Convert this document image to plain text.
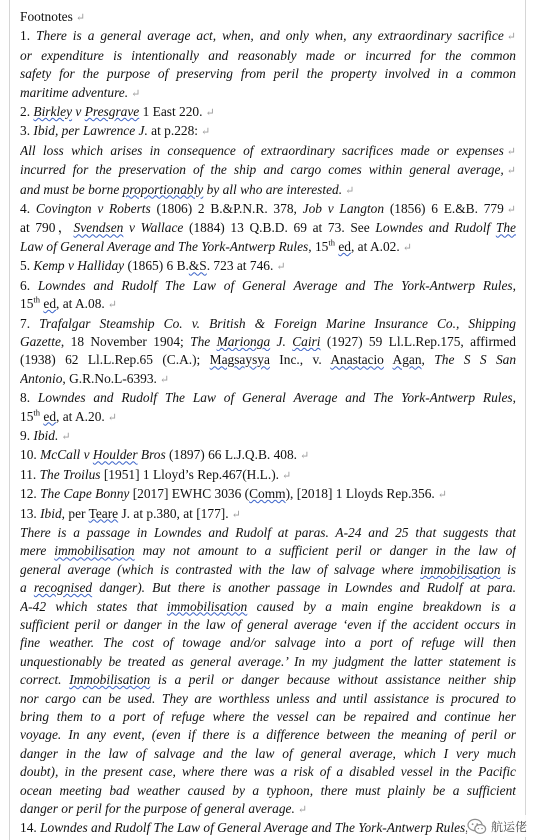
Footnotes ↵
1. There is a general average act, when, and only when, any extraordinary sacrifice ↵
or expenditure is intentionally and reasonably made or incurred for the common
safety for the purpose of preserving from peril the property involved in a common
maritime adventure. ↵
2. Birkley v Presgrave 1 East 220. ↵
3. Ibid, per Lawrence J. at p.228: ↵
All loss which arises in consequence of extraordinary sacrifices made or expenses ↵
incurred for the preservation of the ship and cargo comes within general average, ↵
and must be borne proportionably by all who are interested. ↵
4. Covington v Roberts (1806) 2 B.&P.N.R. 378, Job v Langton (1856) 6 E.&B. 779 ↵
at 790，Svendsen v Wallace (1884) 13 Q.B.D. 69 at 73. See Lowndes and Rudolf The
Law of General Average and The York-Antwerp Rules, 15th ed, at A.02. ↵
5. Kemp v Halliday (1865) 6 B.&S. 723 at 746. ↵
6. Lowndes and Rudolf The Law of General Average and The York-Antwerp Rules,
15th ed, at A.08. ↵
7. Trafalgar Steamship Co. v. British & Foreign Marine Insurance Co., Shipping
Gazette, 18 November 1904; The Marionga J. Cairi (1927) 59 Ll.L.Rep.175, affirmed
(1938) 62 Ll.L.Rep.65 (C.A.); Magsaysya Inc., v. Anastacio Agan, The S S San
Antonio, G.R.No.L-6393. ↵
8. Lowndes and Rudolf The Law of General Average and The York-Antwerp Rules,
15th ed, at A.20. ↵
9. Ibid. ↵
10. McCall v Houlder Bros (1897) 66 L.J.Q.B. 408. ↵
11. The Troilus [1951] 1 Lloyd’s Rep.467(H.L.). ↵
12. The Cape Bonny [2017] EWHC 3036 (Comm), [2018] 1 Lloyds Rep.356. ↵
13. Ibid, per Teare J. at p.380, at [177]. ↵
There is a passage in Lowndes and Rudolf at paras. A-24 and 25 that suggests that
mere immobilisation may not amount to a sufficient peril or danger in the law of
general average (which is contrasted with the law of salvage where immobilisation is
a recognised danger). But there is another passage in Lowndes and Rudolf at para.
A-42 which states that immobilisation caused by a main engine breakdown is a
sufficient peril or danger in the law of general average ‘even if the accident occurs in
fine weather. The cost of towage and/or salvage into a port of refuge will then
unquestionably be treated as general average.’ In my judgment the latter statement is
correct. Immobilisation is a peril or danger because without assistance neither ship
nor cargo can be used. They are worthless unless and until assistance is procured to
bring them to a port of refuge where the vessel can be repaired and continue her
voyage. In any event, (even if there is a difference between the meaning of peril or
danger in the law of salvage and the law of general average, which I very much
doubt), in the present case, where there was a risk of a disabled vessel in the Pacific
ocean meeting bad weather caused by a typhoon, there must plainly be a sufficient
danger or peril for the purpose of general average. ↵
14. Lowndes and Rudolf The Law of General Average and The York-Antwerp Rules	航运佬
